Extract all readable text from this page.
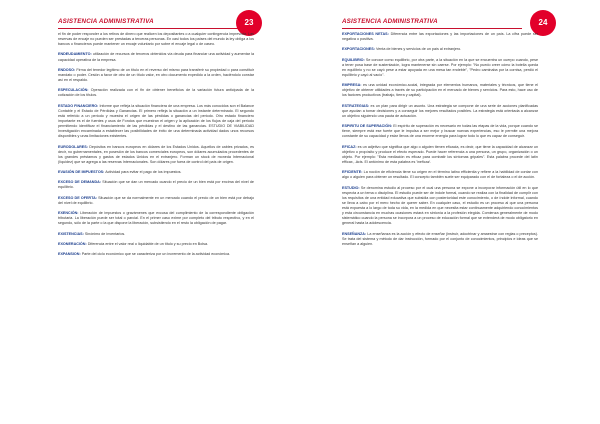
ASISTENCIA ADMINISTRATIVA	23

el fin de poder responder a los retiros de dinero que realicen los depositantes o a cualquier contingencia imprevista. Las reservas de encaje no pueden ser prestadas a terceras personas. En casi todos los países del mundo la ley obliga a los bancos o financieros puede mantener un encaje voluntario por sobre el encaje legal o de caseo.

ENDEUDAMIENTO: utilización de recursos de terceros obtenidos vía deuda para financiar una actividad y aumentar la capacidad operativa de la empresa.

ENDOSO: Firma del tenedor legítimo de un título en el reverso del mismo para transferir su propiedad o para constituir mandato o poder. Cesión a favor de otro de un título valor, en otro documento expedido a la orden, haciéndolo constar así en el respaldo.

ESPECULACIÓN: Operación realizada con el fin de obtener beneficios de la variación futura anticipada de la cotización de los títulos.

ESTADO FINANCIERO: Informe que refleja la situación financiera de una empresa. Los más conocidos son el Balance Contable y el Estado de Pérdidas y Ganancias. El primero refleja la situación a un instante determinado. El segundo está referido a un periodo y muestra el origen de las pérdidas o ganancias del periodo. Otro estado financiero importante es el de fuentes y usos de Fondos que muestran el origen y la aplicación de los flujos de caja del periodo permitiendo identificar el financiamiento de las pérdidas y el destino de las ganancias. ESTUDIO DE VIABILIDAD Investigación encaminada a establecer las posibilidades de éxito de una determinada actividad dados unos recursos disponibles y unas limitaciones existentes.

EURODOLARES: Depósitos en bancos europeos en dólares de los Estados Unidos. Aquellos de cables privados, es decir, no gubernamentales, en posesión de los bancos comerciales europeos, son dólares acumulados procedentes de los grandes préstamos y gastos de estados Unidos en el extranjero. Forman un stock de moneda Internacional (líquidez) que se agrega a las reservas Internacionales. Son dólares por fuera de control del país de origen.

EVASIÓN DE IMPUESTOS: Actividad para evitar el pago de los impuestos.

EXCESO DE DEMANDA: Situación que se dan un mercado cuando el precio de un bien está por encima del nivel de equilibrio.

EXCESO DE OFERTA: Situación que se da normalmente en un mercado cuando el precio de un bien está por debajo del nivel de equilibrio.

EXENCIÓN: Liberación de impuestos o gravámenes que excusa del cumplimiento de la correspondiente obligación tributaria. La liberación puede ser total o parcial. En el primer caso exime por completo del tributo respectivo, y en el segundo, sólo de la parte o la que dispone la liberación, subsistiendo en el resto la obligación de pagar.

EXISTENCIAS: Sinónimo de inventarios.

EXONERACIÓN: Diferencia entre el valor real o liquidable de un título y su precio en Bolsa.

EXPANSION: Parte del ciclo económico que se caracteriza por un incremento de la actividad económica.

ASISTENCIA ADMINISTRATIVA	24

EXPORTACIONES NETAS: Diferencia entre las exportaciones y las importaciones de un país. La cifra puede ser negativa o positiva.

EXPORTACIONES: Venta de bienes y servicios de un país al extranjero.

EQUILIBRIO: Se conoce como equilibrio, por otra parte, a la situación en la que se encuentra un cuerpo cuando, pese a tener posa base de sustentación, logra mantenerse sin caerse. Por ejemplo: "No puedo creer cómo la botella queda en equilibrio y no se cayó pese a estar apoyada en una mesa tan endeble", "Pedro caminaba por la cornisa, perdió el equilibrio y cayó al vacío".

EMPRESA: es una unidad económico-social, integrada por elementos humanos, materiales y técnicos, que tiene el objetivo de obtener utilidades a través de su participación en el mercado de bienes y servicios. Para esto, hace uso de los factores productivos (trabajo, tierra y capital).

ESTRATEGIAS: es un plan para dirigir un asunto. Una estrategia se compone de una serie de acciones planificadas que ayudan a tomar decisiones y a conseguir los mejores resultados posibles. La estrategia está orientada a alcanzar un objetivo siguiendo una pauta de actuación.

ESPIRITU DE SUPERACIÓN: El espíritu de superación es necesario en todas las etapas de la vida, porque cuando se tiene, siempre está ese fuerte que le impulsa a ser mejor y buscar nuevas experiencias, eso le permite una mejora constante de su capacidad y estar llenos de una enorme energía para lograr todo lo que es capaz de conseguir.

EFICAZ: es un adjetivo que significa que algo o alguien tienen eficacia, es decir, que tiene la capacidad de alcanzar un objetivo o propósito y produce el efecto esperado. Puede hacer referencia a una persona, un grupo, organización o un objeto. Por ejemplo: "Esta mediación es eficaz para combatir los síntomas gripales". Esta palabra procede del latín efficax, -ācis. El antónimo de esta palabra es 'ineficaz'.

EFICIENTE: La noción de eficiencia tiene su origen en el término latino efficientia y refiere a la habilidad de contar con algo o alguien para obtener un resultado. El concepto también suele ser equiparado con el de fortaleza o el de acción.

ESTUDIO: Se denomina estudio al proceso por el cual una persona se expone a incorporar información útil en lo que respecta a un tema o disciplina. El estudio puede ser de índole formal, cuando se realiza con la finalidad de cumplir con los requisitos de una entidad educativa que subsidia con posterioridad este conocimiento, o de índole informal, cuando se lleva a cabo por el mero hecho de querer saber. En cualquier caso, el estudio es un proceso al que una persona está expuesta a lo largo de toda su vida, en la medida en que necesita estar continuamente adquiriendo conocimientos y esta circunstancia en muchas ocasiones estará en sintonía a la profesión elegida. Comienza generalmente de modo sistemático cuando la persona se incorpora a un proceso de educación formal que se extenderá de modo obligatorio en general hasta la adolescencia.

ENSEÑANZA: La enseñanza es la acción y efecto de enseñar (instruir, adoctrinar y amaestrar con reglas o preceptos). Se trata del sistema y método de dar instrucción, formado por el conjunto de conocimientos, principios e ideas que se enseñan a alguien.
